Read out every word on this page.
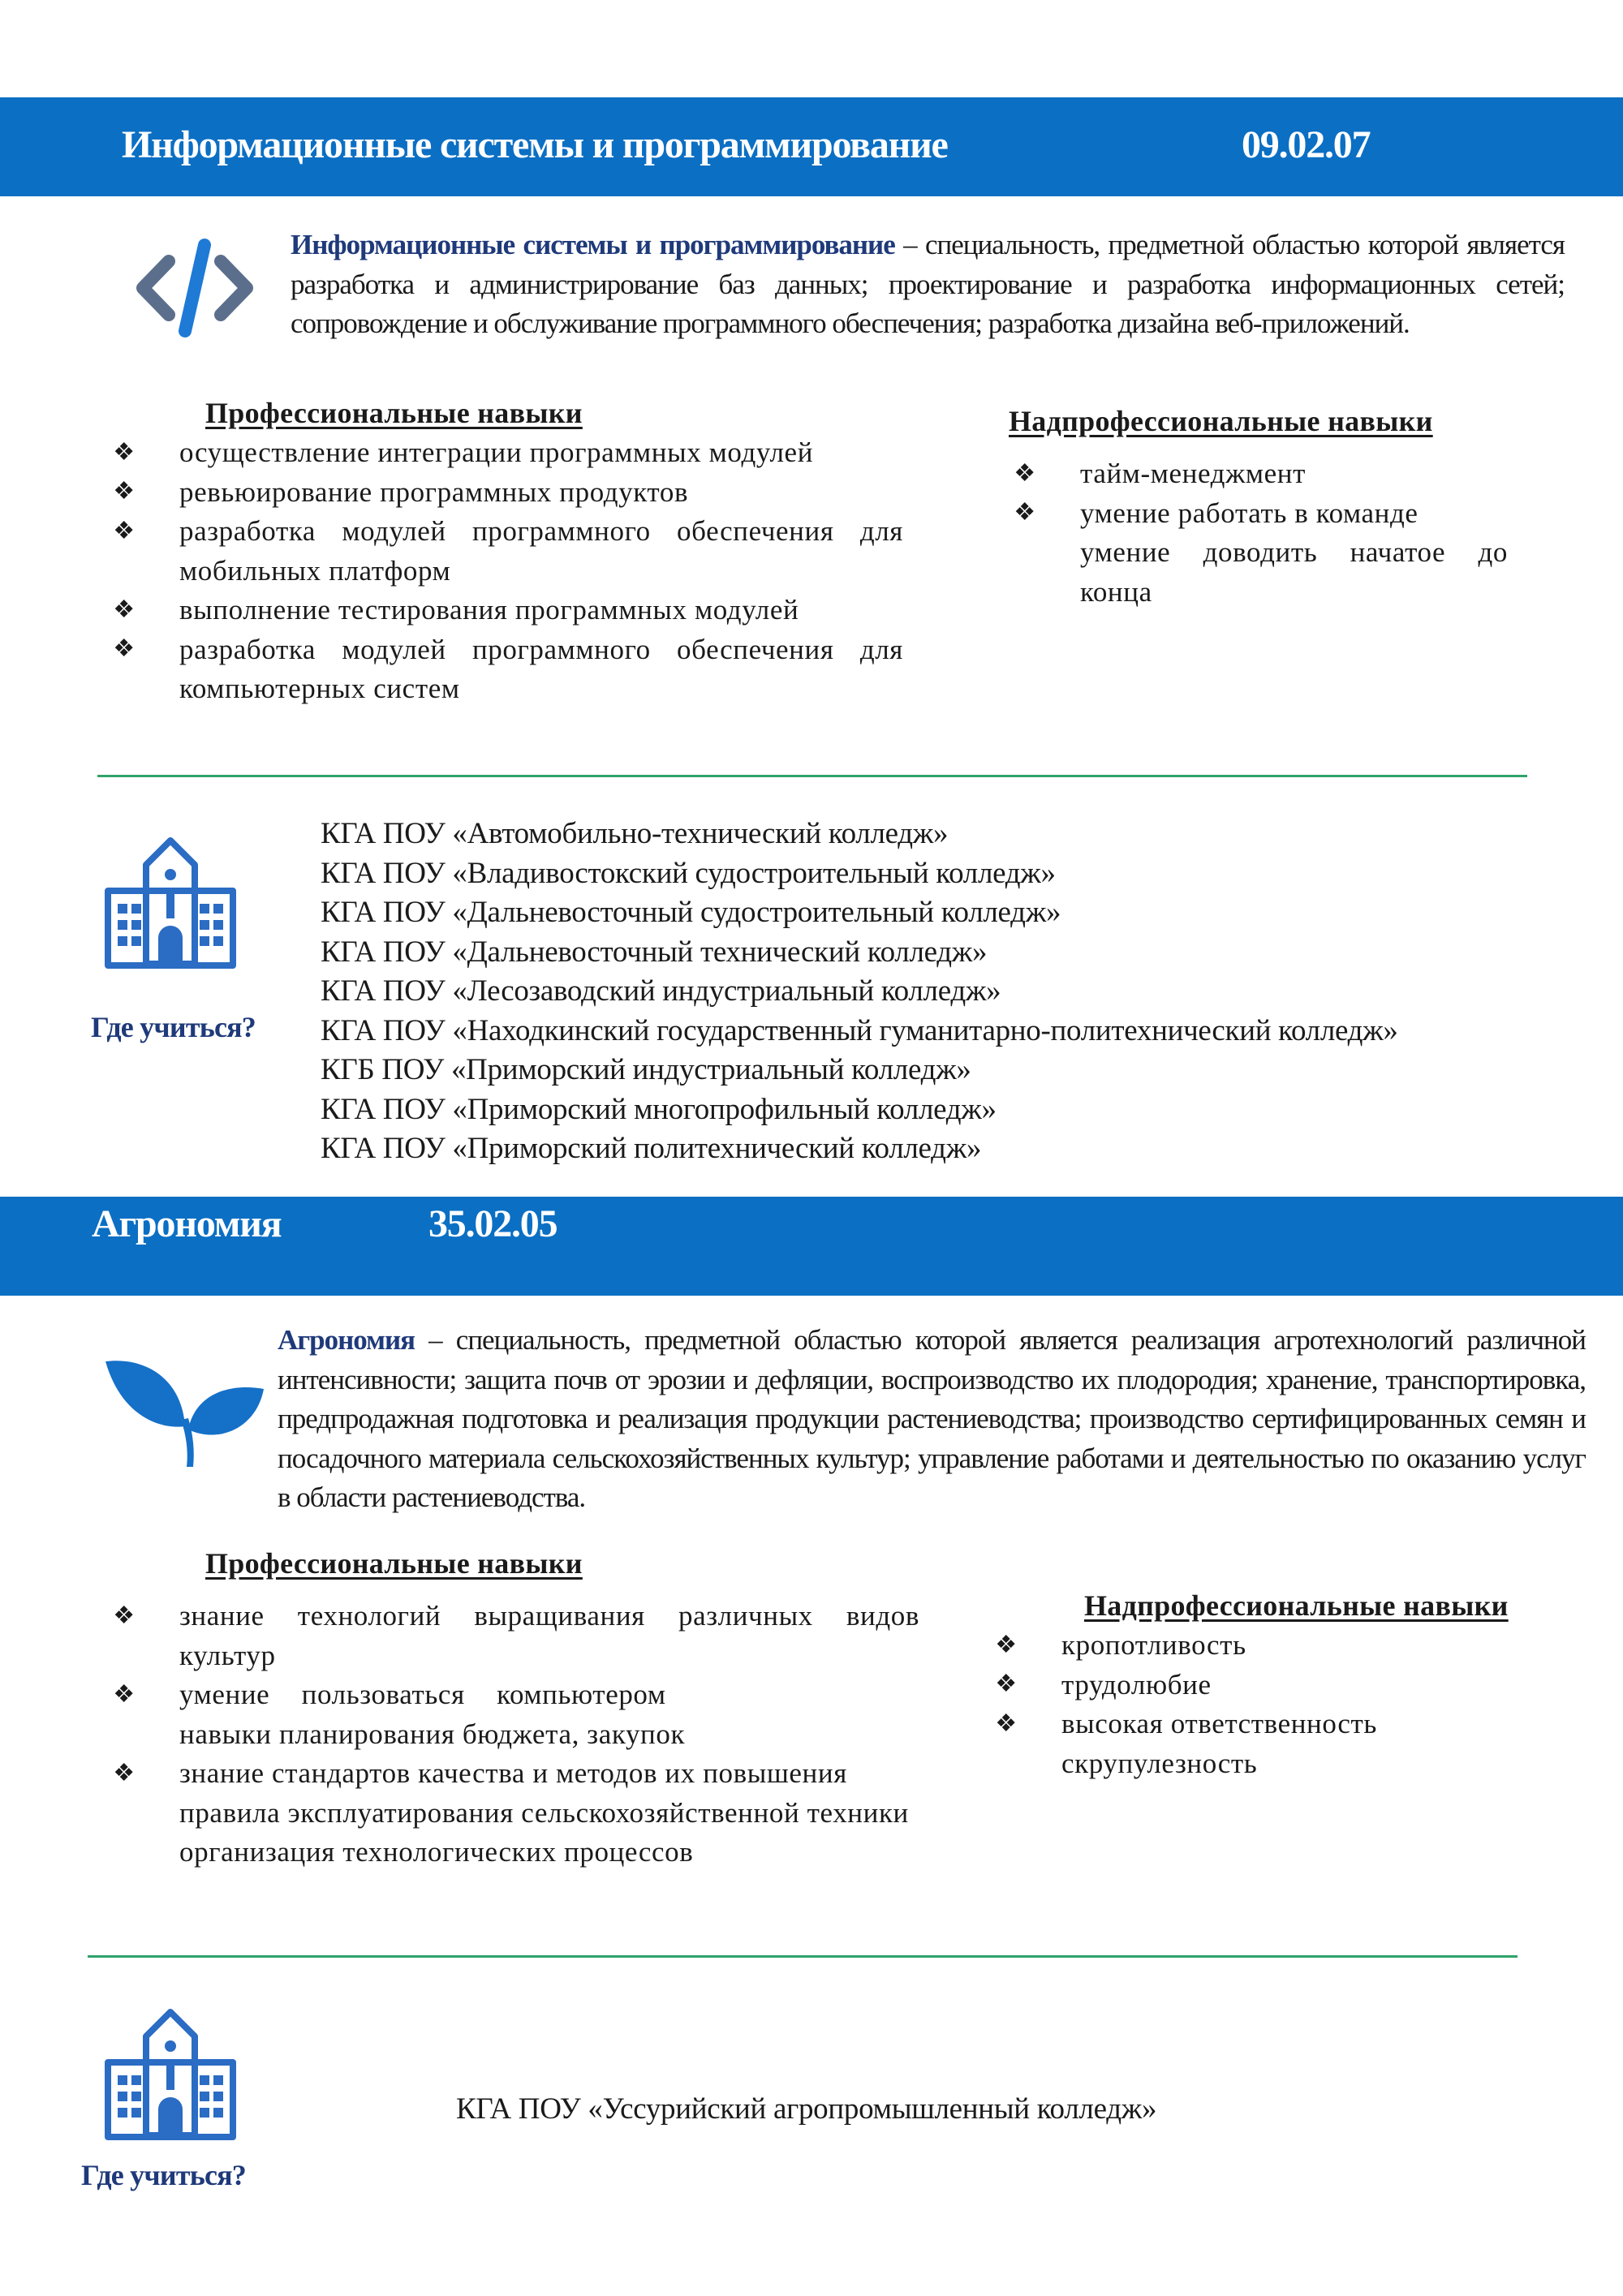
Информационные системы и программирование	09.02.07
Информационные системы и программирование – специальность, предметной областью которой является разработка и администрирование баз данных; проектирование и разработка информационных сетей; сопровождение и обслуживание программного обеспечения; разработка дизайна веб-приложений.
Профессиональные навыки
❖ осуществление интеграции программных модулей
❖ ревьюирование программных продуктов
❖ разработка модулей программного обеспечения для мобильных платформ
❖ выполнение тестирования программных модулей
❖ разработка модулей программного обеспечения для компьютерных систем
Надпрофессиональные навыки
❖ тайм-менеджмент
❖ умение работать в команде
умение доводить начатое до конца
Где учиться?
КГА ПОУ «Автомобильно-технический колледж»
КГА ПОУ «Владивостокский судостроительный колледж»
КГА ПОУ «Дальневосточный судостроительный колледж»
КГА ПОУ «Дальневосточный технический колледж»
КГА ПОУ «Лесозаводский индустриальный колледж»
КГА ПОУ «Находкинский государственный гуманитарно-политехнический колледж»
КГБ ПОУ «Приморский индустриальный колледж»
КГА ПОУ «Приморский многопрофильный колледж»
КГА ПОУ «Приморский политехнический колледж»
Агрономия	35.02.05
Агрономия – специальность, предметной областью которой является реализация агротехнологий различной интенсивности; защита почв от эрозии и дефляции, воспроизводство их плодородия; хранение, транспортировка, предпродажная подготовка и реализация продукции растениеводства; производство сертифицированных семян и посадочного материала сельскохозяйственных культур; управление работами и деятельностью по оказанию услуг в области растениеводства.
Профессиональные навыки
❖ знание технологий выращивания различных видов культур
❖ умение пользоваться компьютером
навыки планирования бюджета, закупок
❖ знание стандартов качества и методов их повышения
правила эксплуатирования сельскохозяйственной техники
организация технологических процессов
Надпрофессиональные навыки
❖ кропотливость
❖ трудолюбие
❖ высокая ответственность
скрупулезность
Где учиться?
КГА ПОУ «Уссурийский агропромышленный колледж»
